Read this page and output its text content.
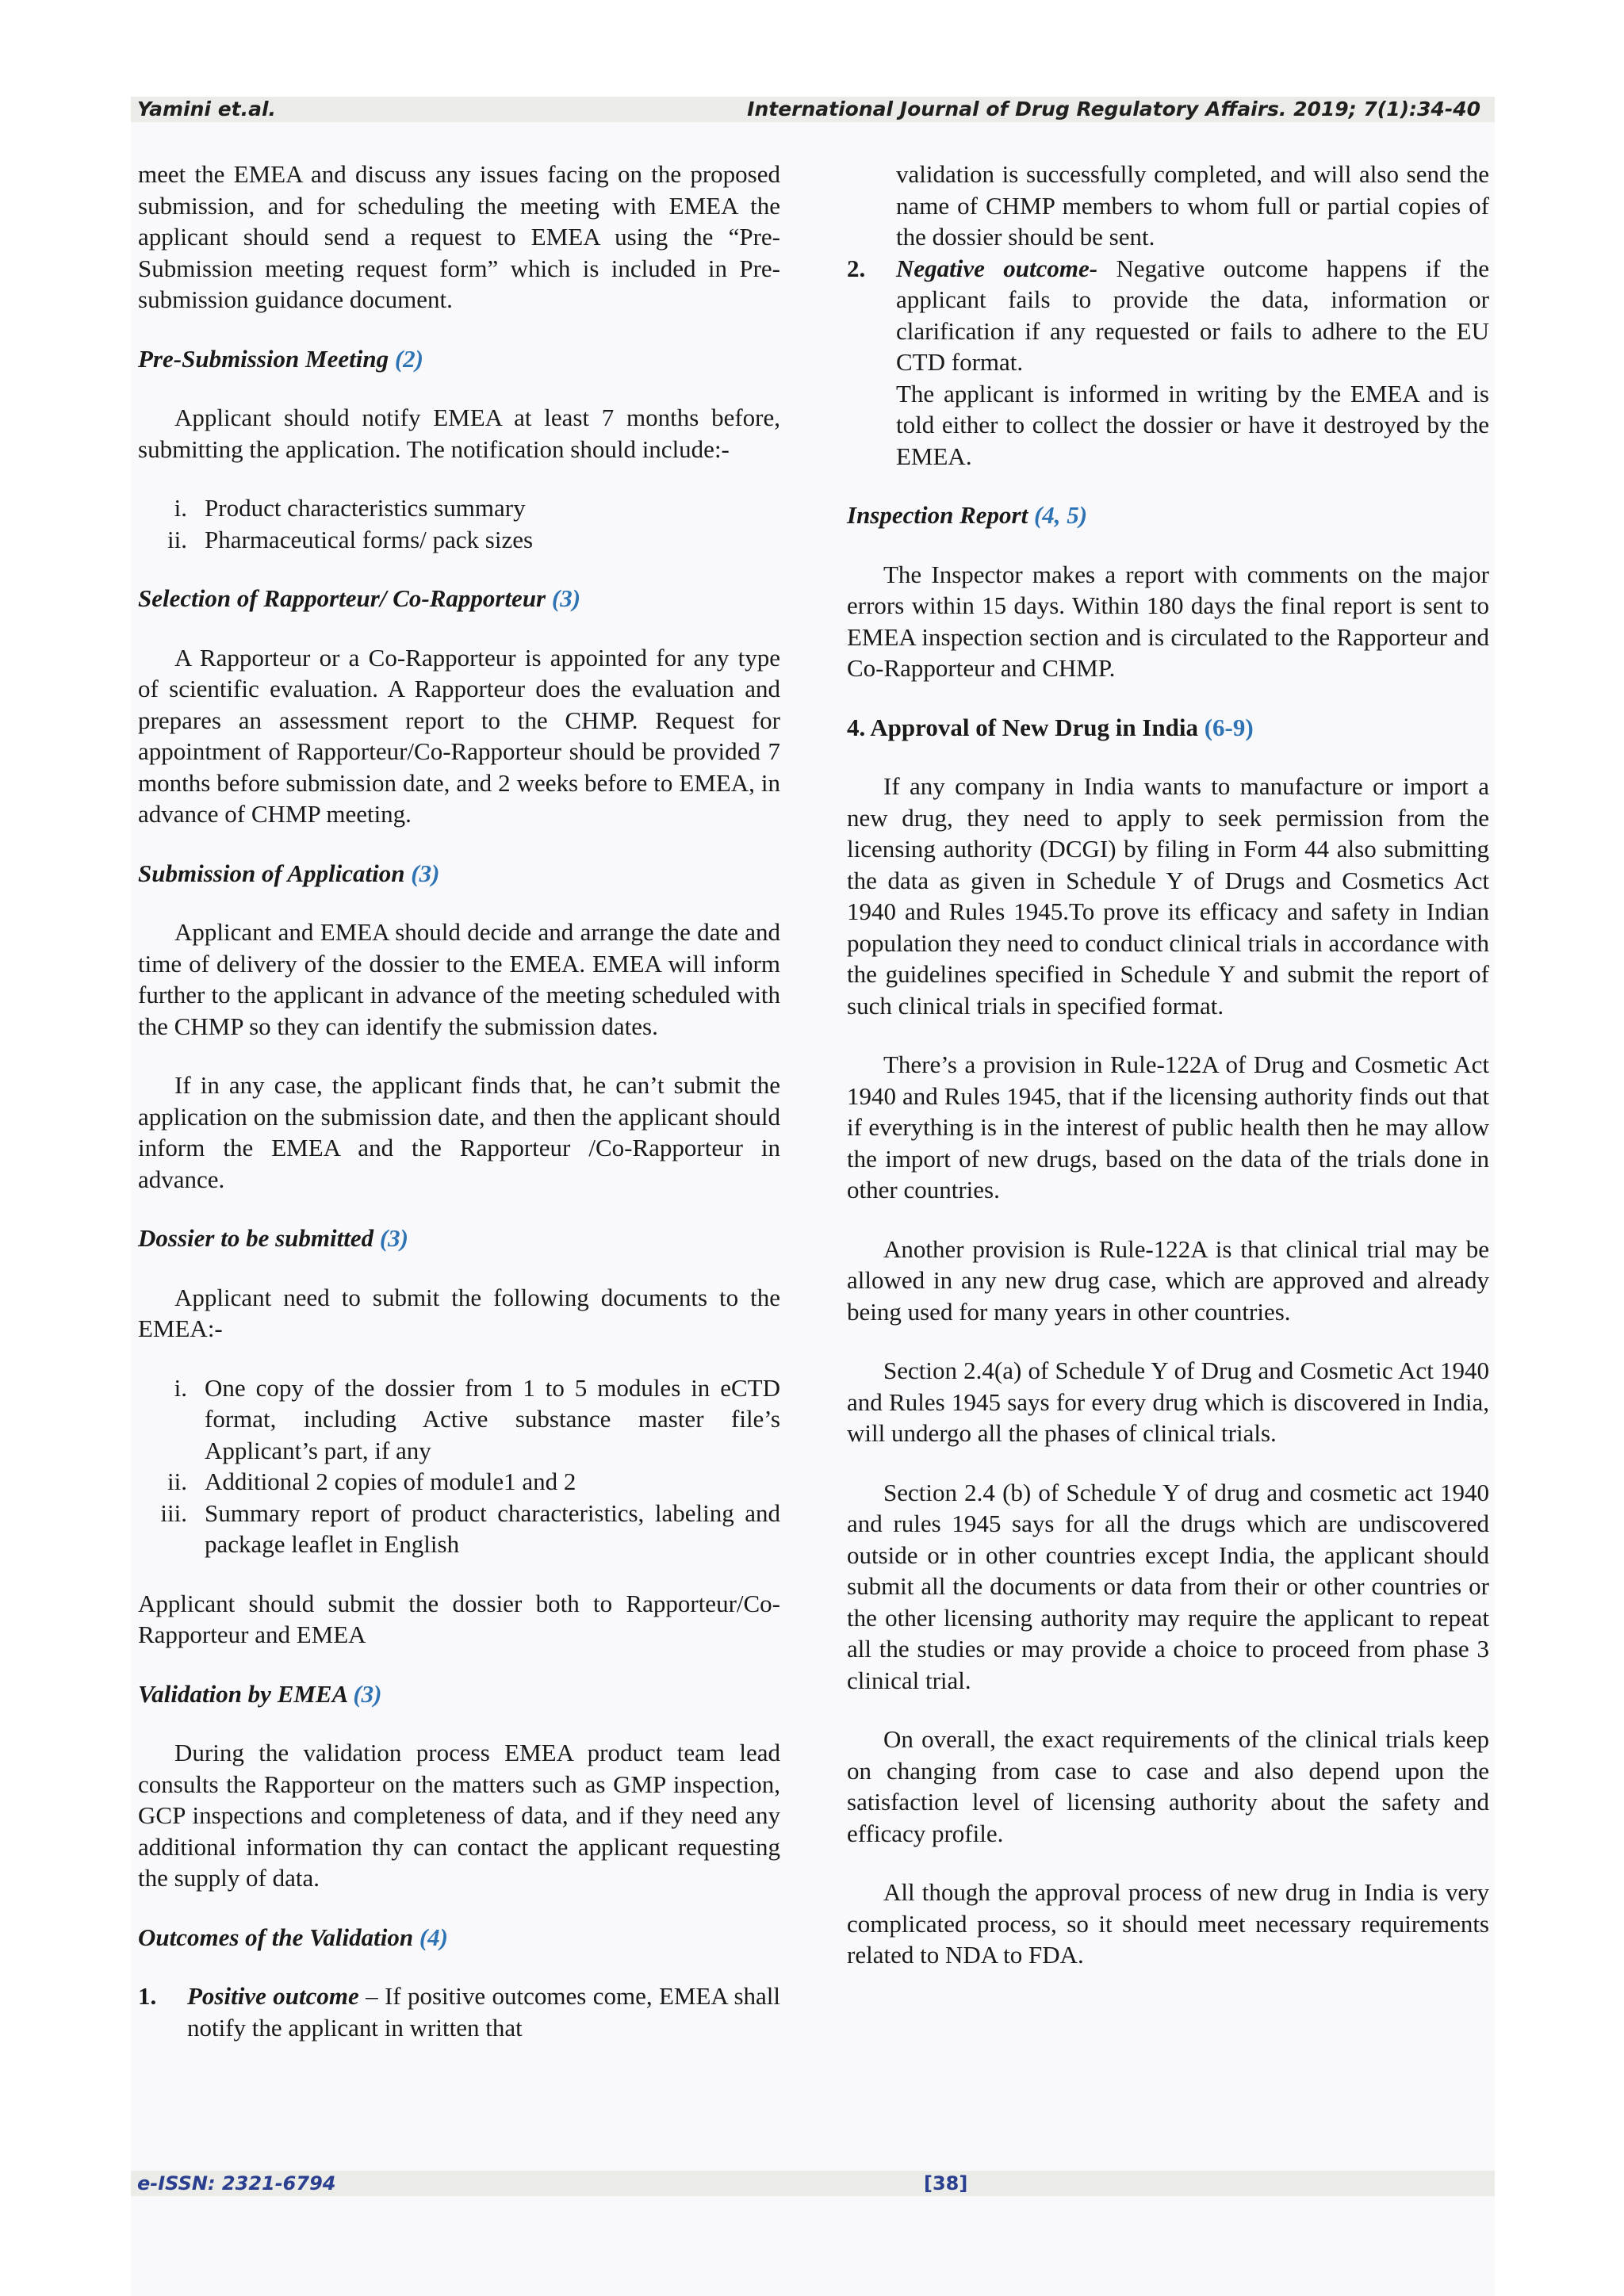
Yamini et.al.	International Journal of Drug Regulatory Affairs. 2019; 7(1):34-40

meet the EMEA and discuss any issues facing on the proposed submission, and for scheduling the meeting with EMEA the applicant should send a request to EMEA using the “Pre-Submission meeting request form” which is included in Pre-submission guidance document.

Pre-Submission Meeting (2)

Applicant should notify EMEA at least 7 months before, submitting the application. The notification should include:-

i. Product characteristics summary
ii. Pharmaceutical forms/ pack sizes
Selection of Rapporteur/ Co-Rapporteur (3)

A Rapporteur or a Co-Rapporteur is appointed for any type of scientific evaluation. A Rapporteur does the evaluation and prepares an assessment report to the CHMP. Request for appointment of Rapporteur/Co-Rapporteur should be provided 7 months before submission date, and 2 weeks before to EMEA, in advance of CHMP meeting.

Submission of Application (3)

Applicant and EMEA should decide and arrange the date and time of delivery of the dossier to the EMEA. EMEA will inform further to the applicant in advance of the meeting scheduled with the CHMP so they can identify the submission dates.

If in any case, the applicant finds that, he can’t submit the application on the submission date, and then the applicant should inform the EMEA and the Rapporteur /Co-Rapporteur in advance.

Dossier to be submitted (3)

Applicant need to submit the following documents to the EMEA:-

i. One copy of the dossier from 1 to 5 modules in eCTD format, including Active substance master file’s Applicant’s part, if any
ii. Additional 2 copies of module1 and 2
iii. Summary report of product characteristics, labeling and package leaflet in English

Applicant should submit the dossier both to Rapporteur/Co-Rapporteur and EMEA

Validation by EMEA (3)

During the validation process EMEA product team lead consults the Rapporteur on the matters such as GMP inspection, GCP inspections and completeness of data, and if they need any additional information thy can contact the applicant requesting the supply of data.

Outcomes of the Validation (4)
1.	Positive outcome – If positive outcomes come, EMEA shall notify the applicant in written that
validation is successfully completed, and will also send the name of CHMP members to whom full or partial copies of the dossier should be sent.
2.	Negative outcome- Negative outcome happens if the applicant fails to provide the data, information or clarification if any requested or fails to adhere to the EU CTD format.
The applicant is informed in writing by the EMEA and is told either to collect the dossier or have it destroyed by the EMEA.
Inspection Report (4, 5)

The Inspector makes a report with comments on the major errors within 15 days. Within 180 days the final report is sent to EMEA inspection section and is circulated to the Rapporteur and Co-Rapporteur and CHMP.

4. Approval of New Drug in India (6-9)

If any company in India wants to manufacture or import a new drug, they need to apply to seek permission from the licensing authority (DCGI) by filing in Form 44 also submitting the data as given in Schedule Y of Drugs and Cosmetics Act 1940 and Rules 1945.To prove its efficacy and safety in Indian population they need to conduct clinical trials in accordance with the guidelines specified in Schedule Y and submit the report of such clinical trials in specified format.

There’s a provision in Rule-122A of Drug and Cosmetic Act 1940 and Rules 1945, that if the licensing authority finds out that if everything is in the interest of public health then he may allow the import of new drugs, based on the data of the trials done in other countries.

Another provision is Rule-122A is that clinical trial may be allowed in any new drug case, which are approved and already being used for many years in other countries.

Section 2.4(a) of Schedule Y of Drug and Cosmetic Act 1940 and Rules 1945 says for every drug which is discovered in India, will undergo all the phases of clinical trials.

Section 2.4 (b) of Schedule Y of drug and cosmetic act 1940 and rules 1945 says for all the drugs which are undiscovered outside or in other countries except India, the applicant should submit all the documents or data from their or other countries or the other licensing authority may require the applicant to repeat all the studies or may provide a choice to proceed from phase 3 clinical trial.

On overall, the exact requirements of the clinical trials keep on changing from case to case and also depend upon the satisfaction level of licensing authority about the safety and efficacy profile.

All though the approval process of new drug in India is very complicated process, so it should meet necessary requirements related to NDA to FDA.

e-ISSN: 2321-6794	[38]
